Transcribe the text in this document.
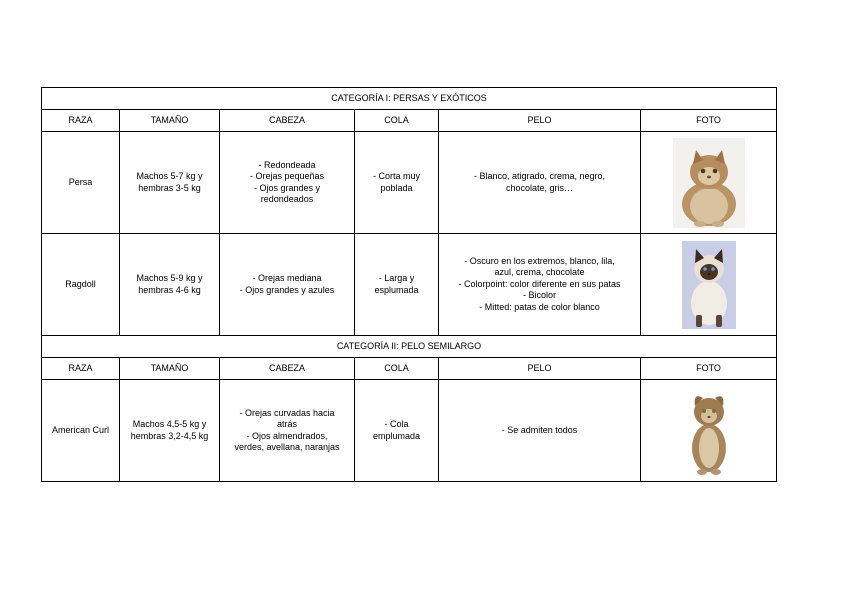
CATEGORÍA I: PERSAS Y EXÓTICOS					
RAZA	TAMAÑO	CABEZA	COLA	PELO	FOTO
Persa	Machos 5-7 kg y
hembras 3-5 kg	- Redondeada
- Orejas pequeñas
- Ojos grandes y
redondeados	- Corta muy
poblada	- Blanco, atigrado, crema, negro,
chocolate, gris…

Ragdoll	Machos 5-9 kg y
hembras 4-6 kg	- Orejas mediana
- Ojos grandes y azules	- Larga y
esplumada	- Oscuro en los extremos, blanco, lila,
azul, crema, chocolate
- Colorpoint: color diferente en sus patas
- Bicolor
- Mitted: patas de color blanco

CATEGORÍA II: PELO SEMILARGO					
RAZA	TAMAÑO	CABEZA	COLA	PELO	FOTO
American Curl	Machos 4,5-5 kg y
hembras 3,2-4,5 kg	- Orejas curvadas hacia
atrás
- Ojos almendrados,
verdes, avellana, naranjas	- Cola
emplumada	- Se admiten todos
